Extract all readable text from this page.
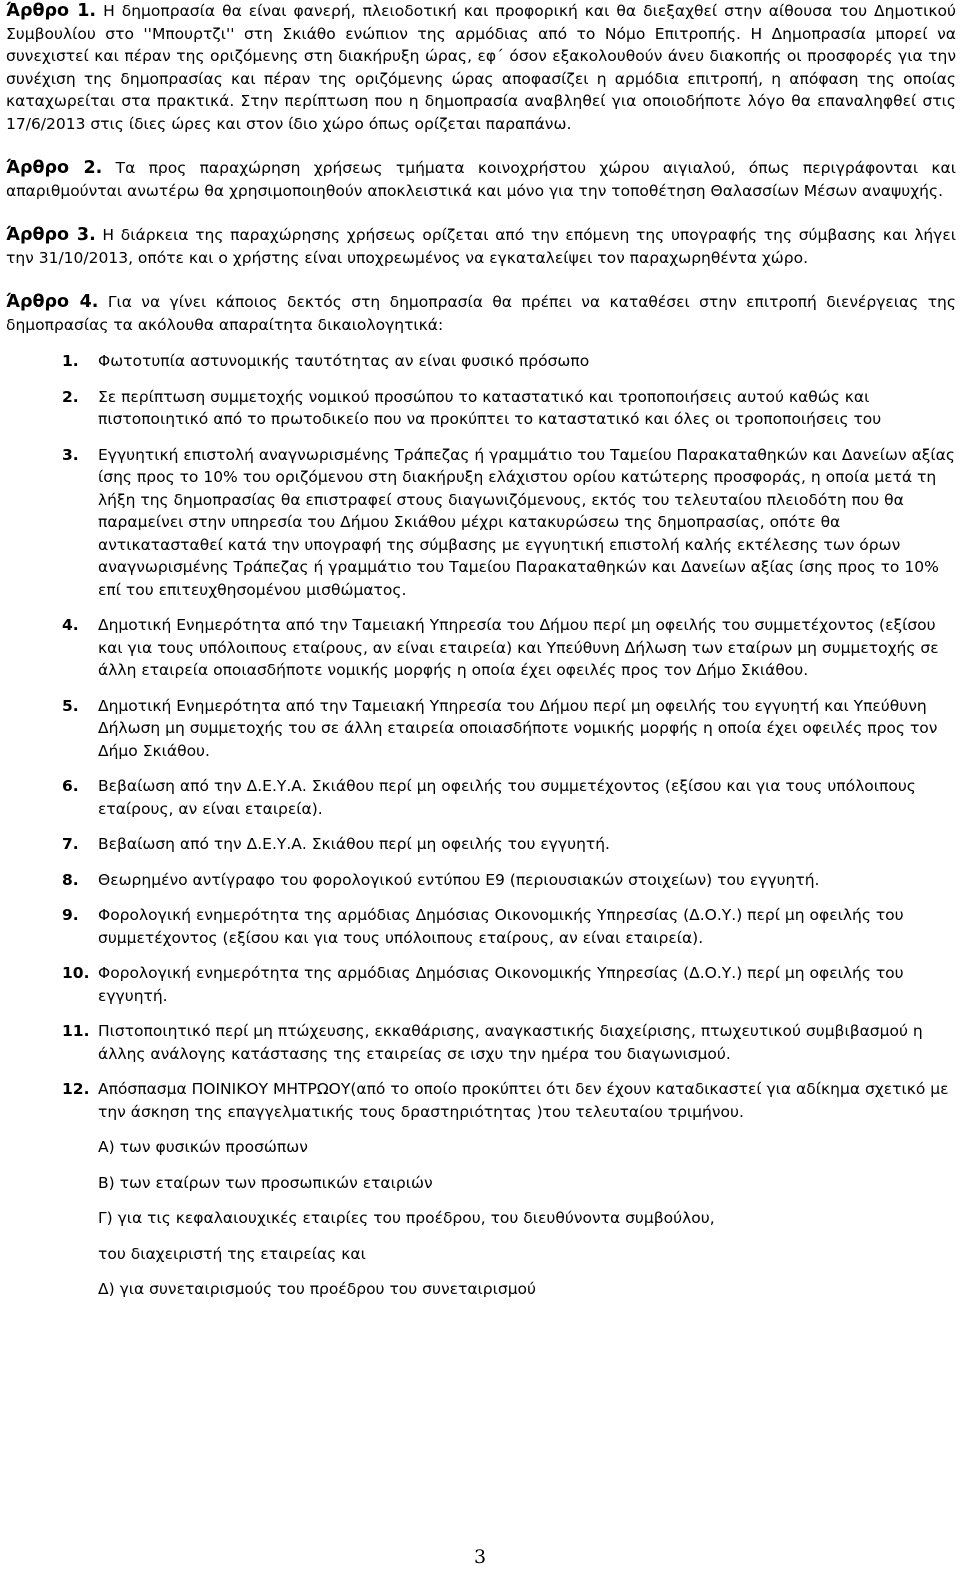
Άρθρο 1. Η δημοπρασία θα είναι φανερή, πλειοδοτική και προφορική και θα διεξαχθεί στην αίθουσα του Δημοτικού Συμβουλίου στο ''Μπουρτζι'' στη Σκιάθο ενώπιον της αρμόδιας από το Νόμο Επιτροπής. Η Δημοπρασία μπορεί να συνεχιστεί και πέραν της οριζόμενης στη διακήρυξη ώρας, εφ΄ όσον εξακολουθούν άνευ διακοπής οι προσφορές για την συνέχιση της δημοπρασίας και πέραν της οριζόμενης ώρας αποφασίζει η αρμόδια επιτροπή, η απόφαση της οποίας καταχωρείται στα πρακτικά. Στην περίπτωση που η δημοπρασία αναβληθεί για οποιοδήποτε λόγο θα επαναληφθεί στις 17/6/2013 στις ίδιες ώρες και στον ίδιο χώρο όπως ορίζεται παραπάνω.

Άρθρο 2. Τα προς παραχώρηση χρήσεως τμήματα κοινοχρήστου χώρου αιγιαλού, όπως περιγράφονται και απαριθμούνται ανωτέρω θα χρησιμοποιηθούν αποκλειστικά και μόνο για την τοποθέτηση Θαλασσίων Μέσων αναψυχής.

Άρθρο 3. Η διάρκεια της παραχώρησης χρήσεως ορίζεται από την επόμενη της υπογραφής της σύμβασης και λήγει την 31/10/2013, οπότε και ο χρήστης είναι υποχρεωμένος να εγκαταλείψει τον παραχωρηθέντα χώρο.

Άρθρο 4. Για να γίνει κάποιος δεκτός στη δημοπρασία θα πρέπει να καταθέσει στην επιτροπή διενέργειας της δημοπρασίας τα ακόλουθα απαραίτητα δικαιολογητικά:

1. Φωτοτυπία αστυνομικής ταυτότητας αν είναι φυσικό πρόσωπο
2. Σε περίπτωση συμμετοχής νομικού προσώπου το καταστατικό και τροποποιήσεις αυτού καθώς και πιστοποιητικό από το πρωτοδικείο που να προκύπτει το καταστατικό και όλες οι τροποποιήσεις του
3. Εγγυητική επιστολή αναγνωρισμένης Τράπεζας ή γραμμάτιο του Ταμείου Παρακαταθηκών και Δανείων αξίας ίσης προς το 10% του οριζόμενου στη διακήρυξη ελάχιστου ορίου κατώτερης προσφοράς, η οποία μετά τη λήξη της δημοπρασίας θα επιστραφεί στους διαγωνιζόμενους, εκτός του τελευταίου πλειοδότη που θα παραμείνει στην υπηρεσία του Δήμου Σκιάθου μέχρι κατακυρώσεω της δημοπρασίας, οπότε θα αντικατασταθεί κατά την υπογραφή της σύμβασης με εγγυητική επιστολή καλής εκτέλεσης των όρων αναγνωρισμένης Τράπεζας ή γραμμάτιο του Ταμείου Παρακαταθηκών και Δανείων αξίας ίσης προς το 10% επί του επιτευχθησομένου μισθώματος.
4. Δημοτική Ενημερότητα από την Ταμειακή Υπηρεσία του Δήμου περί μη οφειλής του συμμετέχοντος (εξίσου και για τους υπόλοιπους εταίρους, αν είναι εταιρεία) και Υπεύθυνη Δήλωση των εταίρων μη συμμετοχής σε άλλη εταιρεία οποιασδήποτε νομικής μορφής η οποία έχει οφειλές προς τον Δήμο Σκιάθου.
5. Δημοτική Ενημερότητα από την Ταμειακή Υπηρεσία του Δήμου περί μη οφειλής του εγγυητή και Υπεύθυνη Δήλωση μη συμμετοχής του σε άλλη εταιρεία οποιασδήποτε νομικής μορφής η οποία έχει οφειλές προς τον Δήμο Σκιάθου.
6. Βεβαίωση από την Δ.Ε.Υ.Α. Σκιάθου περί μη οφειλής του συμμετέχοντος (εξίσου και για τους υπόλοιπους εταίρους, αν είναι εταιρεία).
7. Βεβαίωση από την Δ.Ε.Υ.Α. Σκιάθου περί μη οφειλής του εγγυητή.
8. Θεωρημένο αντίγραφο του φορολογικού εντύπου Ε9 (περιουσιακών στοιχείων) του εγγυητή.
9. Φορολογική ενημερότητα της αρμόδιας Δημόσιας Οικονομικής Υπηρεσίας (Δ.Ο.Υ.) περί μη οφειλής του συμμετέχοντος (εξίσου και για τους υπόλοιπους εταίρους, αν είναι εταιρεία).
10. Φορολογική ενημερότητα της αρμόδιας Δημόσιας Οικονομικής Υπηρεσίας (Δ.Ο.Υ.) περί μη οφειλής του εγγυητή.
11. Πιστοποιητικό περί μη πτώχευσης, εκκαθάρισης, αναγκαστικής διαχείρισης, πτωχευτικού συμβιβασμού η άλλης ανάλογης κατάστασης της εταιρείας σε ισχυ την ημέρα του διαγωνισμού.
12. Απόσπασμα ΠΟΙΝΙΚΟΥ ΜΗΤΡΩΟΥ(από το οποίο προκύπτει ότι δεν έχουν καταδικαστεί για αδίκημα σχετικό με την άσκηση της επαγγελματικής τους δραστηριότητας )του τελευταίου τριμήνου.
Α) των φυσικών προσώπων
Β) των εταίρων των προσωπικών εταιριών
Γ) για τις κεφαλαιουχικές εταιρίες του προέδρου, του διευθύνοντα συμβούλου,
του διαχειριστή της εταιρείας και
Δ) για συνεταιρισμούς του προέδρου του συνεταιρισμού
3
